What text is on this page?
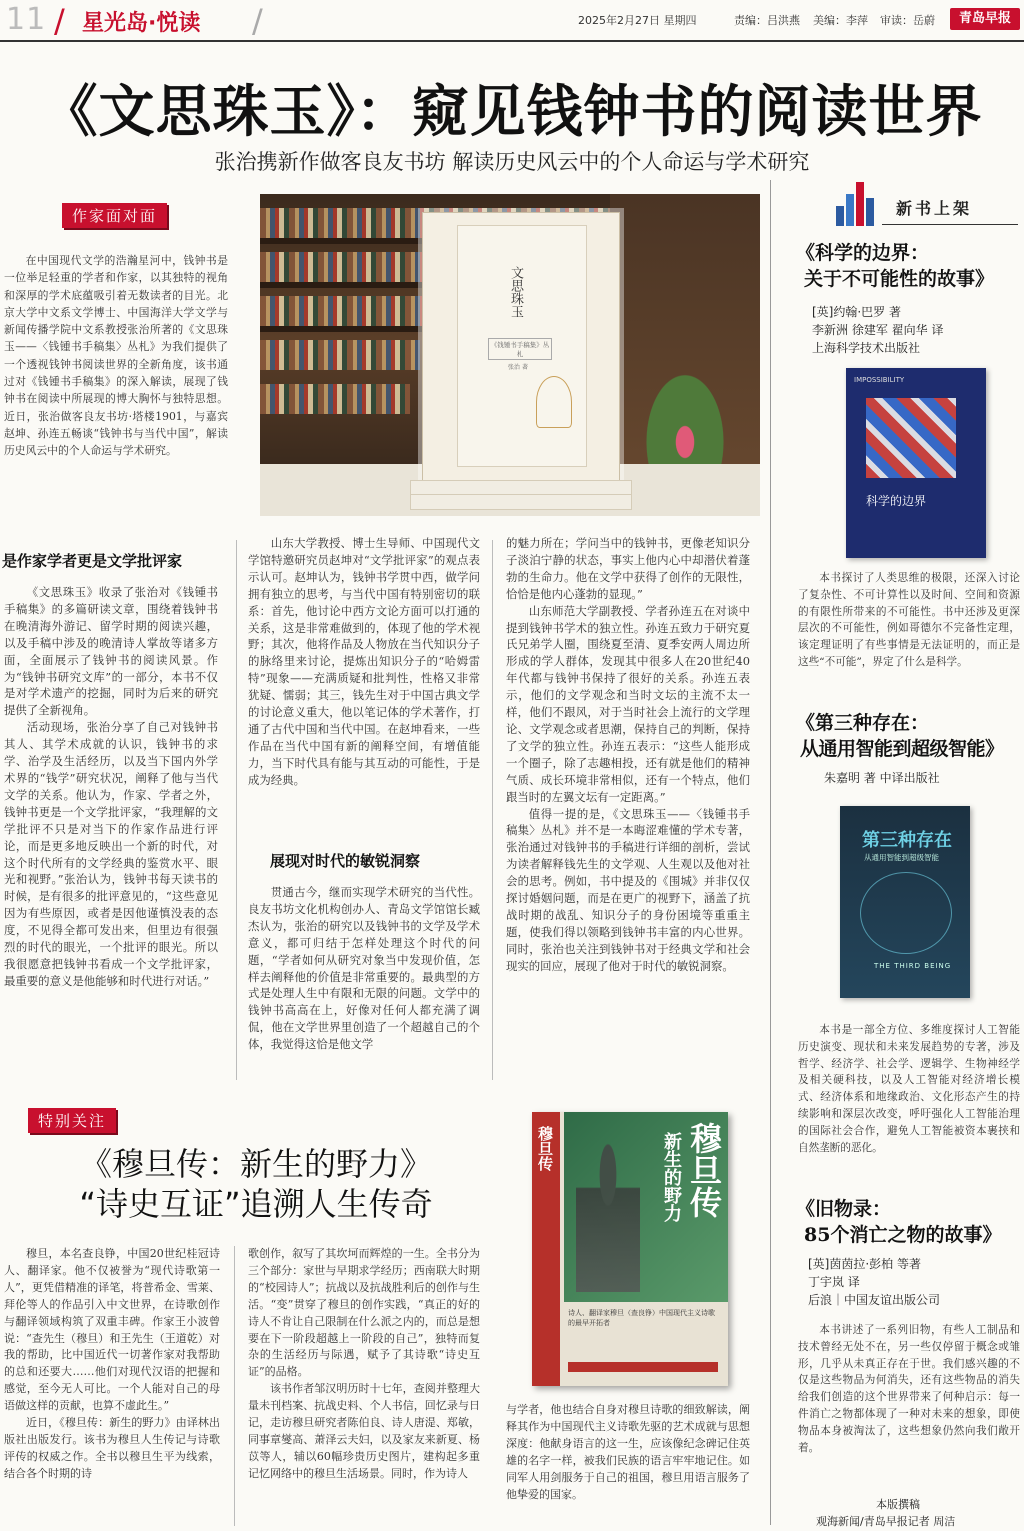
11 / 星光岛·悦读 /	2025年2月27日 星期四	责编：吕洪燕 美编：李萍 审读：岳蔚	青岛早报
《文思珠玉》：窥见钱钟书的阅读世界
张治携新作做客良友书坊 解读历史风云中的个人命运与学术研究
作家面对面

在中国现代文学的浩瀚星河中，钱钟书是一位举足轻重的学者和作家，以其独特的视角和深厚的学术底蕴吸引着无数读者的目光。北京大学中文系文学博士、中国海洋大学文学与新闻传播学院中文系教授张治所著的《文思珠玉——〈钱锺书手稿集〉丛札》为我们提供了一个透视钱钟书阅读世界的全新角度，该书通过对《钱锺书手稿集》的深入解读，展现了钱钟书在阅读中所展现的博大胸怀与独特思想。近日，张治做客良友书坊·塔楼1901，与嘉宾赵坤、孙连五畅谈“钱钟书与当代中国”，解读历史风云中的个人命运与学术研究。

文思珠玉
《钱锺书手稿集》丛札
张治 著
是作家学者更是文学批评家

《文思珠玉》收录了张治对《钱锺书手稿集》的多篇研读文章，围绕着钱钟书在晚清海外游记、留学时期的阅读兴趣，以及手稿中涉及的晚清诗人掌故等诸多方面，全面展示了钱钟书的阅读风景。作为“钱钟书研究文库”的一部分，本书不仅是对学术遗产的挖掘，同时为后来的研究提供了全新视角。

活动现场，张治分享了自己对钱钟书其人、其学术成就的认识，钱钟书的求学、治学及生活经历，以及当下国内外学术界的“钱学”研究状况，阐释了他与当代文学的关系。他认为，作家、学者之外，钱钟书更是一个文学批评家，“我理解的文学批评不只是对当下的作家作品进行评论，而是更多地反映出一个新的时代，对这个时代所有的文学经典的鉴赏水平、眼光和视野。”张治认为，钱钟书每天读书的时候，是有很多的批评意见的，“这些意见因为有些原因，或者是因他谨慎没表的态度，不见得全都可发出来，但里边有很强烈的时代的眼光，一个批评的眼光。所以我很愿意把钱钟书看成一个文学批评家，最重要的意义是他能够和时代进行对话。”

山东大学教授、博士生导师、中国现代文学馆特邀研究员赵坤对“文学批评家”的观点表示认可。赵坤认为，钱钟书学贯中西，做学问拥有独立的思考，与当代中国有特别密切的联系：首先，他讨论中西方文论方面可以打通的关系，这是非常难做到的，体现了他的学术视野；其次，他将作品及人物放在当代知识分子的脉络里来讨论，提炼出知识分子的“哈姆雷特”现象——充满质疑和批判性，性格又非常犹疑、懦弱；其三，钱先生对于中国古典文学的讨论意义重大，他以笔记体的学术著作，打通了古代中国和当代中国。在赵坤看来，一些作品在当代中国有新的阐释空间，有增值能力，当下时代具有能与其互动的可能性，于是成为经典。

展现对时代的敏锐洞察

贯通古今，继而实现学术研究的当代性。良友书坊文化机构创办人、青岛文学馆馆长臧杰认为，张治的研究以及钱钟书的文学及学术意义，都可归结于怎样处理这个时代的问题，“学者如何从研究对象当中发现价值，怎样去阐释他的价值是非常重要的。最典型的方式是处理人生中有限和无限的问题。文学中的钱钟书高高在上，好像对任何人都充满了调侃，他在文学世界里创造了一个超越自己的个体，我觉得这恰是他文学

的魅力所在；学问当中的钱钟书，更像老知识分子淡泊宁静的状态，事实上他内心中却潜伏着蓬勃的生命力。他在文学中获得了创作的无限性，恰恰是他内心蓬勃的显现。”

山东师范大学副教授、学者孙连五在对谈中提到钱钟书学术的独立性。孙连五致力于研究夏氏兄弟学人圈，围绕夏至清、夏季安两人周边所形成的学人群体，发现其中很多人在20世纪40年代都与钱钟书保持了很好的关系。孙连五表示，他们的文学观念和当时文坛的主流不太一样，他们不跟风，对于当时社会上流行的文学理论、文学观念或者思潮，保持自己的判断，保持了文学的独立性。孙连五表示：“这些人能形成一个圈子，除了志趣相投，还有就是他们的精神气质、成长环境非常相似，还有一个特点，他们跟当时的左翼文坛有一定距离。”

值得一提的是，《文思珠玉——〈钱锺书手稿集〉丛札》并不是一本晦涩难懂的学术专著，张治通过对钱钟书的手稿进行详细的剖析，尝试为读者解释钱先生的文学观、人生观以及他对社会的思考。例如，书中提及的《围城》并非仅仅探讨婚姻问题，而是在更广的视野下，涵盖了抗战时期的战乱、知识分子的身份困境等重重主题，使我们得以领略到钱钟书丰富的内心世界。同时，张治也关注到钱钟书对于经典文学和社会现实的回应，展现了他对于时代的敏锐洞察。

特别关注
《穆旦传：新生的野力》
“诗史互证”追溯人生传奇

穆旦，本名查良铮，中国20世纪桂冠诗人、翻译家。他不仅被誉为“现代诗歌第一人”，更凭借精准的译笔，将普希金、雪莱、拜伦等人的作品引入中文世界，在诗歌创作与翻译领域构筑了双重丰碑。作家王小波曾说：“查先生（穆旦）和王先生（王道乾）对我的帮助，比中国近代一切著作家对我帮助的总和还要大……他们对现代汉语的把握和感觉，至今无人可比。一个人能对自己的母语做这样的贡献，也算不虚此生。”

近日，《穆旦传：新生的野力》由译林出版社出版发行。该书为穆旦人生传记与诗歌评传的权威之作。全书以穆旦生平为线索，结合各个时期的诗

歌创作，叙写了其坎坷而辉煌的一生。全书分为三个部分：家世与早期求学经历；西南联大时期的“校园诗人”；抗战以及抗战胜利后的创作与生活。“变”贯穿了穆旦的创作实践，“真正的好的诗人不肯让自己限制在什么派之内的，而总是想要在下一阶段超越上一阶段的自己”，独特而复杂的生活经历与际遇，赋予了其诗歌“诗史互证”的品格。

该书作者邹汉明历时十七年，查阅并整理大量未刊档案、抗战史料、个人书信，回忆录与日记，走访穆旦研究者陈伯良、诗人唐湜、郑敏，同事章燮高、萧泽云夫妇，以及家友来新夏、杨苡等人，辅以60幅珍贵历史图片，建构起多重记忆网络中的穆旦生活场景。同时，作为诗人

穆旦传	穆旦传
新生的野力
诗人、翻译家穆旦（查良铮）中国现代主义诗歌的最早开拓者

与学者，他也结合自身对穆旦诗歌的细致解读，阐释其作为中国现代主义诗歌先驱的艺术成就与思想深度：他献身语言的这一生，应该像纪念碑记住英雄的名字一样，被我们民族的语言牢牢地记住。如同军人用剑服务于自己的祖国，穆旦用语言服务了他挚爱的国家。

新书上架
《科学的边界：
关于不可能性的故事》
[英]约翰·巴罗 著
李新洲 徐建军 翟向华 译
上海科学技术出版社
IMPOSSIBILITY
科学的边界

本书探讨了人类思维的极限，还深入讨论了复杂性、不可计算性以及时间、空间和资源的有限性所带来的不可能性。书中还涉及更深层次的不可能性，例如哥德尔不完备性定理，该定理证明了有些事情是无法证明的，而正是这些“不可能”，界定了什么是科学。

《第三种存在：
从通用智能到超级智能》
朱嘉明 著 中译出版社
第三种存在
从通用智能到超级智能
THE THIRD BEING

本书是一部全方位、多维度探讨人工智能历史演变、现状和未来发展趋势的专著，涉及哲学、经济学、社会学、逻辑学、生物神经学及相关硬科技，以及人工智能对经济增长模式、经济体系和地缘政治、文化形态产生的持续影响和深层次改变，呼吁强化人工智能治理的国际社会合作，避免人工智能被资本裹挟和自然垄断的恶化。

《旧物录：
85个消亡之物的故事》
[英]茵茵拉·彭柏 等著
丁宇岚 译
后浪｜中国友谊出版公司

本书讲述了一系列旧物，有些人工制品和技术曾经无处不在，另一些仅停留于概念或雏形，几乎从未真正存在于世。我们感兴趣的不仅是这些物品为何消失，还有这些物品的消失给我们创造的这个世界带来了何种启示：每一件消亡之物都体现了一种对未来的想象，即使物品本身被淘汰了，这些想象仍然向我们敞开着。

本版撰稿
观海新闻/青岛早报记者 周洁
